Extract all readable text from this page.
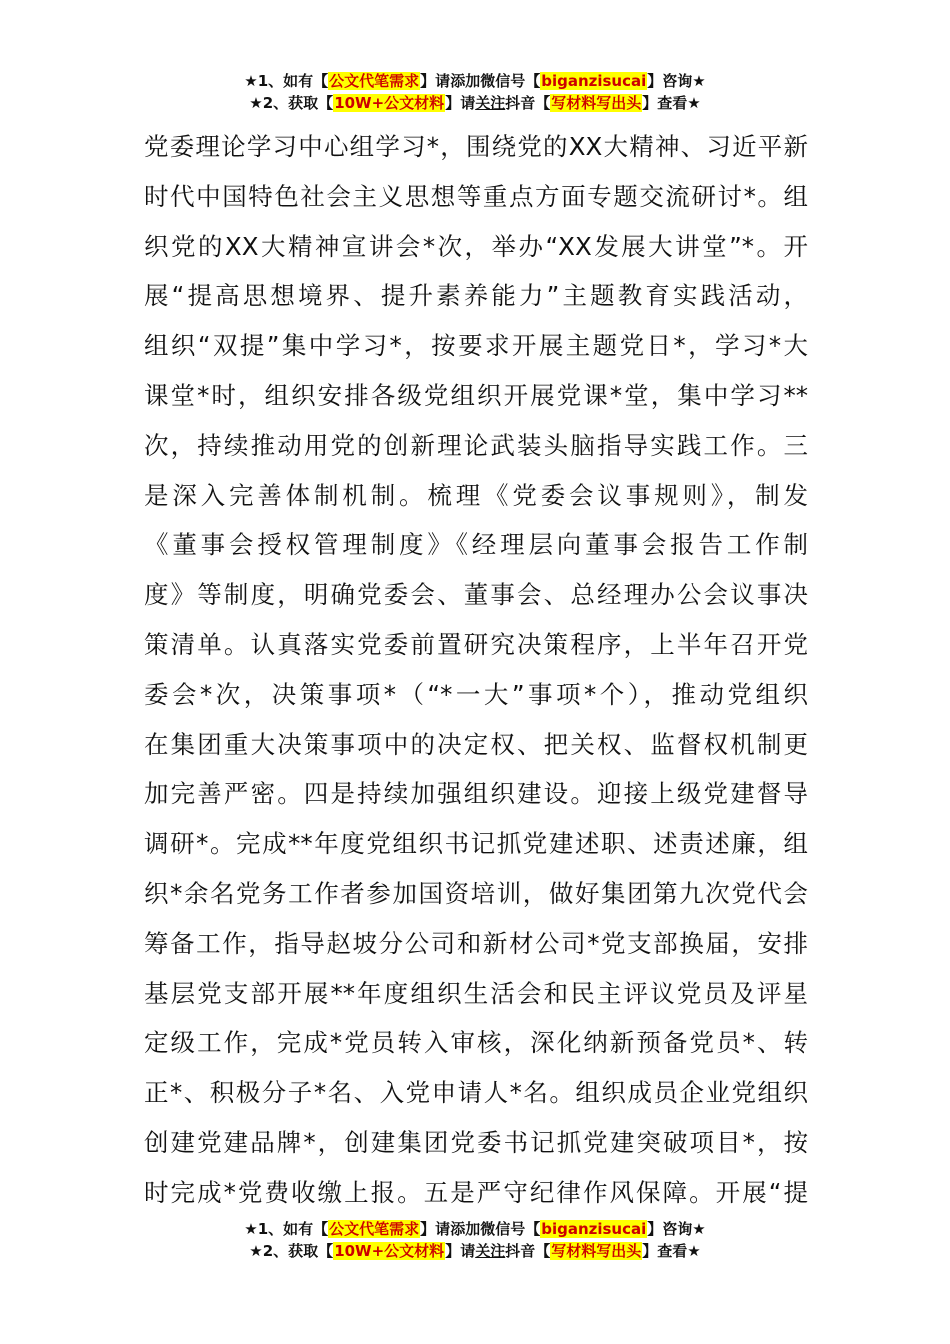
★1、如有【公文代笔需求】请添加微信号【biganzisucai】咨询★
★2、获取【10W+公文材料】请关注抖音【写材料写出头】查看★
党委理论学习中心组学习*，围绕党的XX大精神、习近平新
时代中国特色社会主义思想等重点方面专题交流研讨*。组
织党的XX大精神宣讲会*次，举办“XX发展大讲堂”*。开
展“提高思想境界、提升素养能力”主题教育实践活动，
组织“双提”集中学习*，按要求开展主题党日*，学习*大
课堂*时，组织安排各级党组织开展党课*堂，集中学习**
次，持续推动用党的创新理论武装头脑指导实践工作。三
是深入完善体制机制。梳理《党委会议事规则》，制发
《董事会授权管理制度》《经理层向董事会报告工作制
度》等制度，明确党委会、董事会、总经理办公会议事决
策清单。认真落实党委前置研究决策程序，上半年召开党
委会*次，决策事项*（“*一大”事项*个），推动党组织
在集团重大决策事项中的决定权、把关权、监督权机制更
加完善严密。四是持续加强组织建设。迎接上级党建督导
调研*。完成**年度党组织书记抓党建述职、述责述廉，组
织*余名党务工作者参加国资培训，做好集团第九次党代会
筹备工作，指导赵坡分公司和新材公司*党支部换届，安排
基层党支部开展**年度组织生活会和民主评议党员及评星
定级工作，完成*党员转入审核，深化纳新预备党员*、转
正*、积极分子*名、入党申请人*名。组织成员企业党组织
创建党建品牌*，创建集团党委书记抓党建突破项目*，按
时完成*党费收缴上报。五是严守纪律作风保障。开展“提
★1、如有【公文代笔需求】请添加微信号【biganzisucai】咨询★
★2、获取【10W+公文材料】请关注抖音【写材料写出头】查看★
